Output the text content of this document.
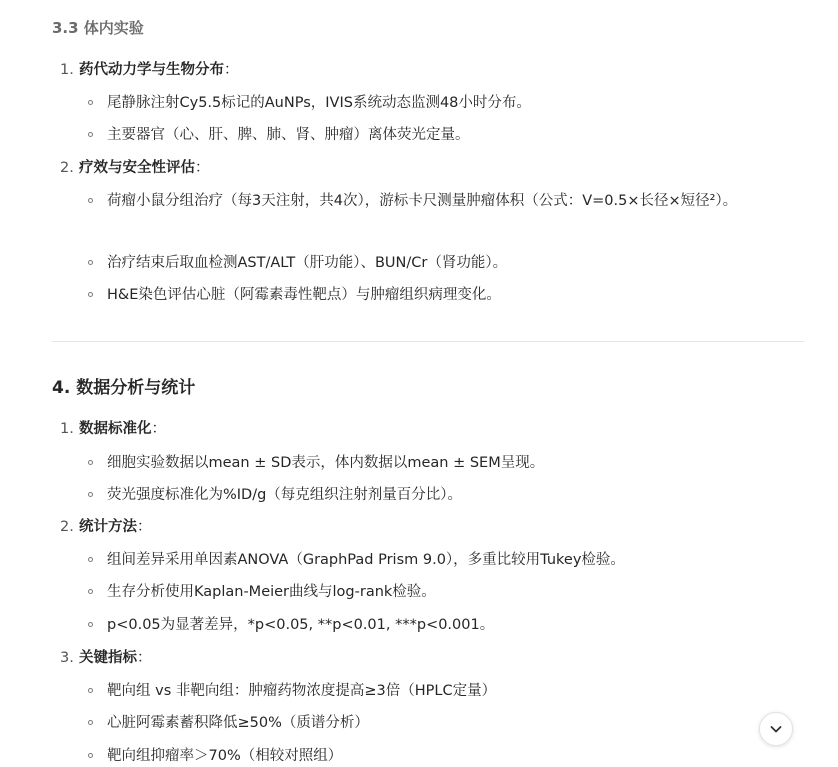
3.3 体内实验
1. 药代动力学与生物分布：
尾静脉注射Cy5.5标记的AuNPs，IVIS系统动态监测48小时分布。
主要器官（心、肝、脾、肺、肾、肿瘤）离体荧光定量。
2. 疗效与安全性评估：
荷瘤小鼠分组治疗（每3天注射，共4次），游标卡尺测量肿瘤体积（公式：V=0.5×长径×短径²）。
治疗结束后取血检测AST/ALT（肝功能）、BUN/Cr（肾功能）。
H&E染色评估心脏（阿霉素毒性靶点）与肿瘤组织病理变化。
4. 数据分析与统计
1. 数据标准化：
细胞实验数据以mean ± SD表示，体内数据以mean ± SEM呈现。
荧光强度标准化为%ID/g（每克组织注射剂量百分比）。
2. 统计方法：
组间差异采用单因素ANOVA（GraphPad Prism 9.0），多重比较用Tukey检验。
生存分析使用Kaplan-Meier曲线与log-rank检验。
p<0.05为显著差异，*p<0.05, **p<0.01, ***p<0.001。
3. 关键指标：
靶向组 vs 非靶向组：肿瘤药物浓度提高≥3倍（HPLC定量）
心脏阿霉素蓄积降低≥50%（质谱分析）
靶向组抑瘤率＞70%（相较对照组）
